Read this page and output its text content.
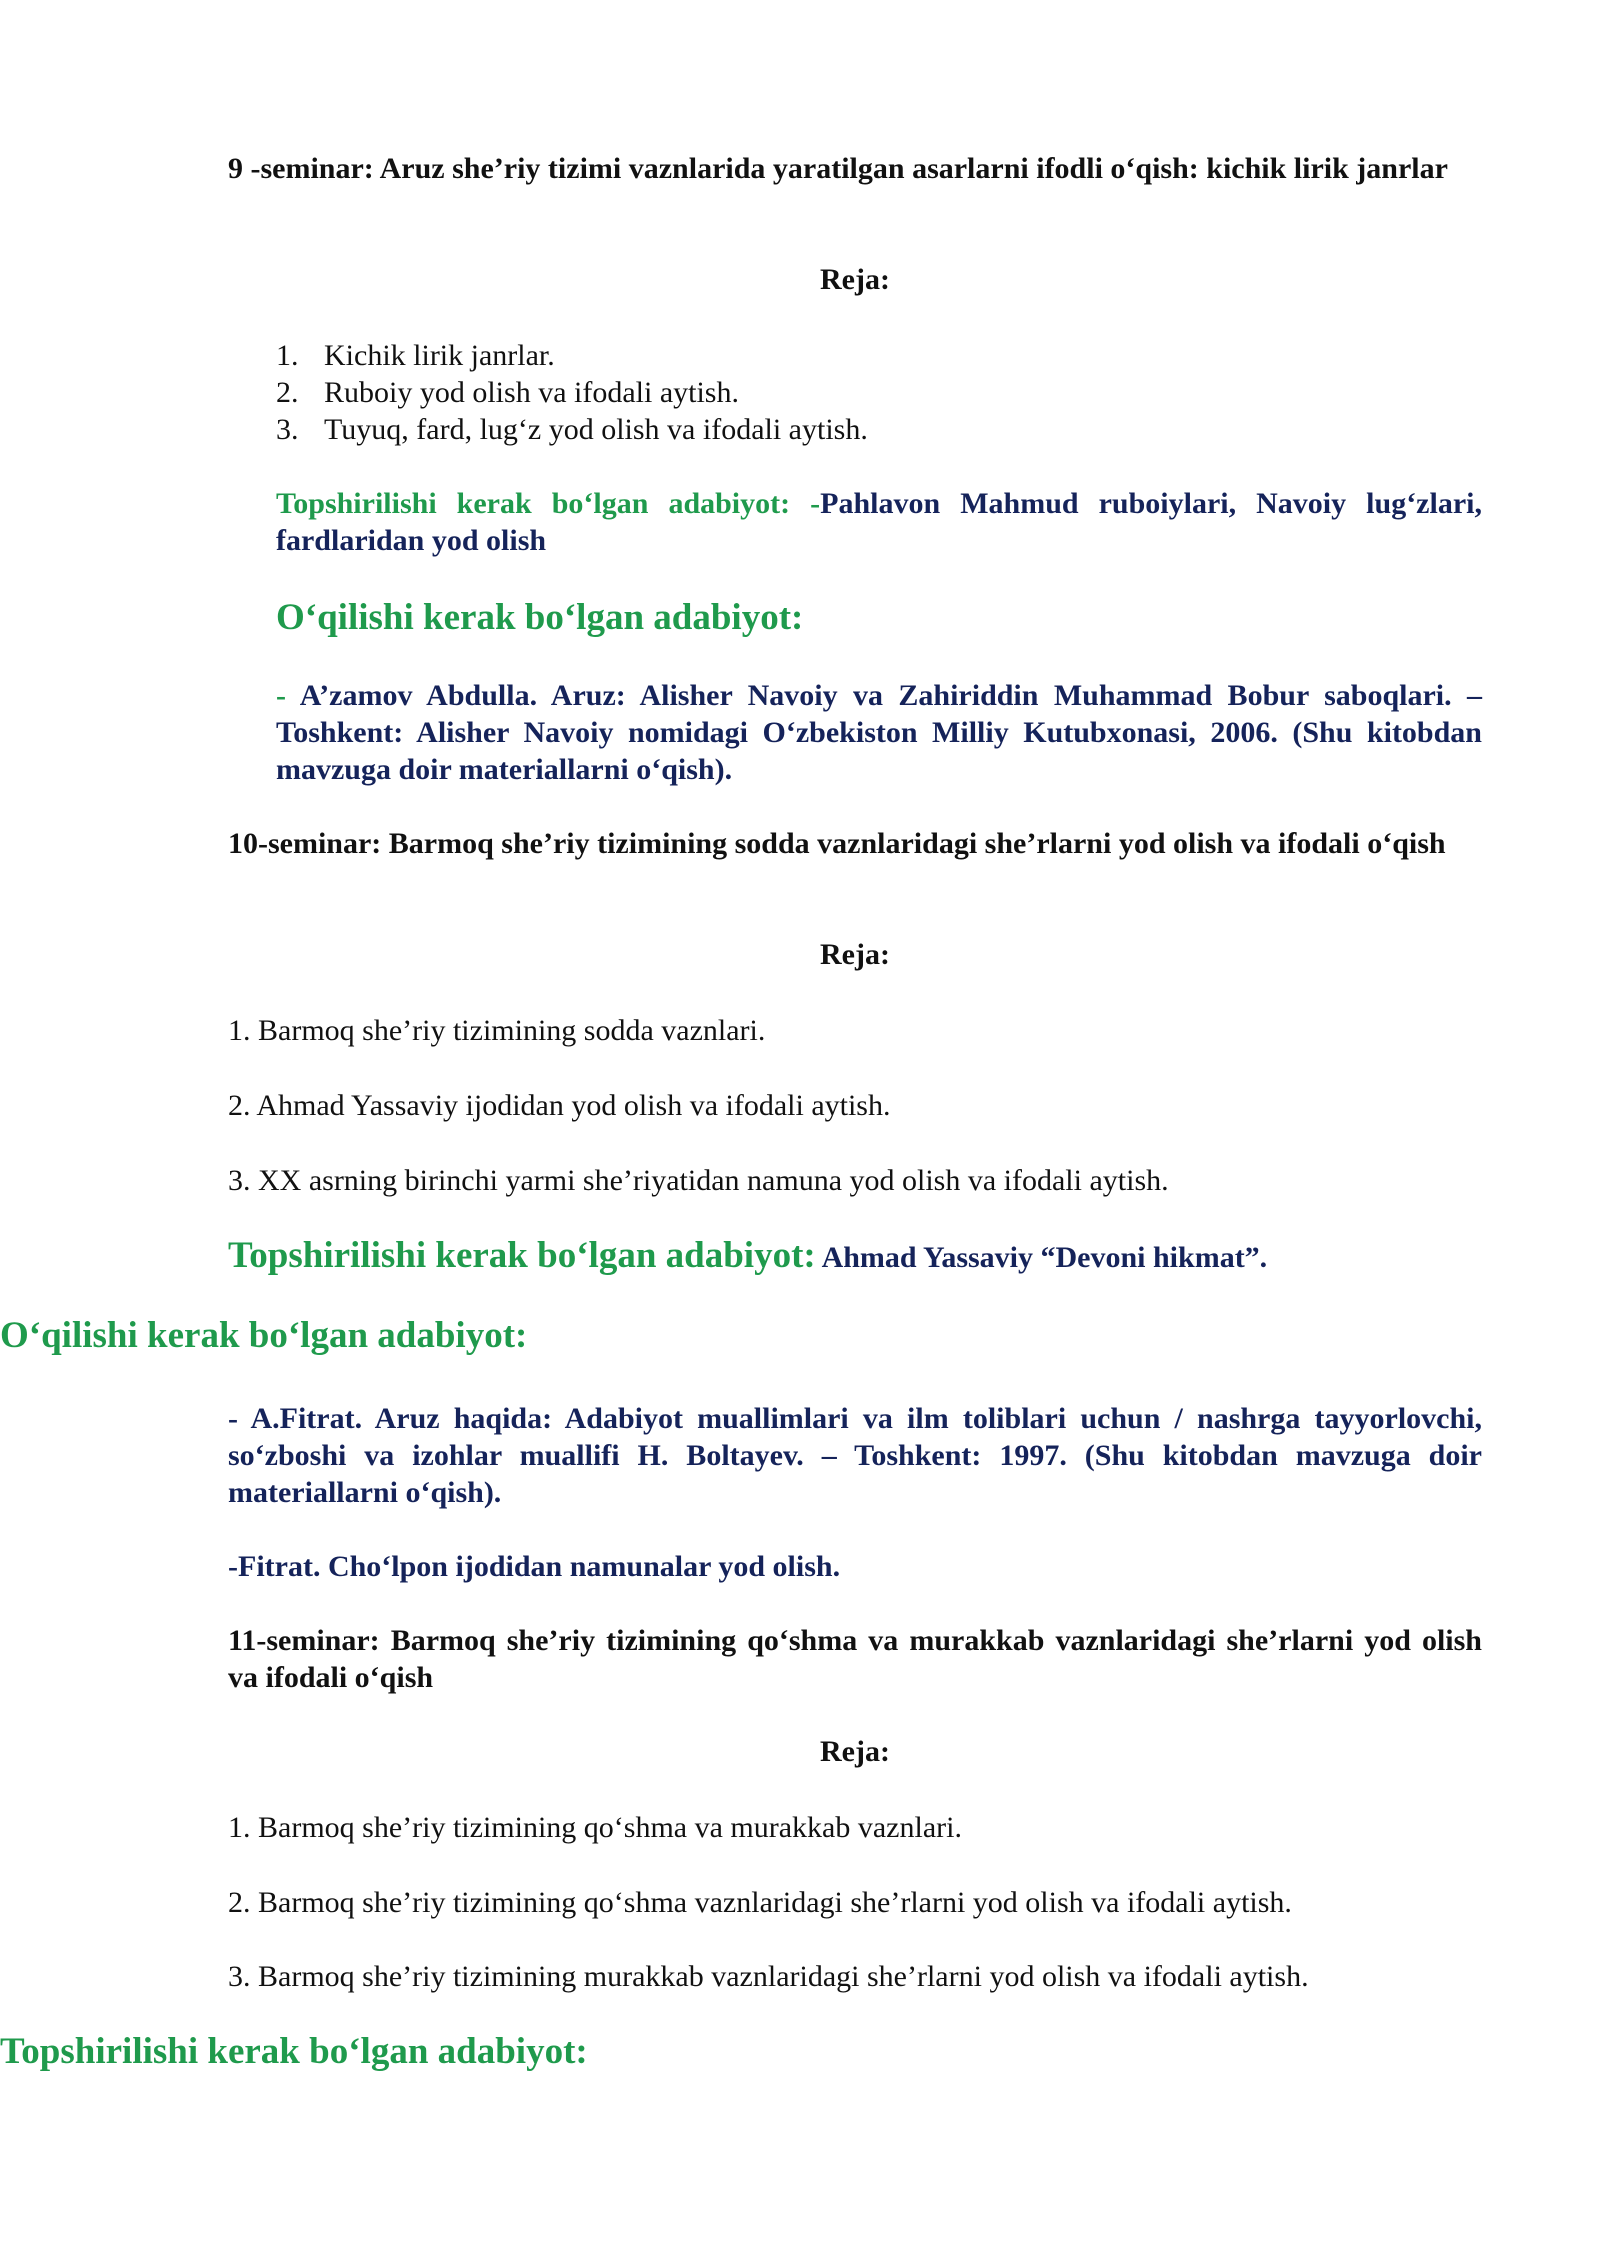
9 -seminar: Aruz she’riy tizimi vaznlarida yaratilgan asarlarni ifodli o‘qish: kichik lirik janrlar

Reja:

1. Kichik lirik janrlar.
2. Ruboiy yod olish va ifodali aytish.
3. Tuyuq, fard, lug‘z yod olish va ifodali aytish.

Topshirilishi kerak bo‘lgan adabiyot: -Pahlavon Mahmud ruboiylari, Navoiy lug‘zlari, fardlaridan yod olish

O‘qilishi kerak bo‘lgan adabiyot:

- A’zamov Abdulla. Aruz: Alisher Navoiy va Zahiriddin Muhammad Bobur saboqlari. – Toshkent: Alisher Navoiy nomidagi O‘zbekiston Milliy Kutubxonasi, 2006. (Shu kitobdan mavzuga doir materiallarni o‘qish).

10-seminar: Barmoq she’riy tizimining sodda vaznlaridagi she’rlarni yod olish va ifodali o‘qish

Reja:

1. Barmoq she’riy tizimining sodda vaznlari.

2. Ahmad Yassaviy ijodidan yod olish va ifodali aytish.

3. XX asrning birinchi yarmi she’riyatidan namuna yod olish va ifodali aytish.

Topshirilishi kerak bo‘lgan adabiyot: Ahmad Yassaviy “Devoni hikmat”.

O‘qilishi kerak bo‘lgan adabiyot:

- A.Fitrat. Aruz haqida: Adabiyot muallimlari va ilm toliblari uchun / nashrga tayyorlovchi, so‘zboshi va izohlar muallifi H. Boltayev. – Toshkent: 1997. (Shu kitobdan mavzuga doir materiallarni o‘qish).

-Fitrat. Cho‘lpon ijodidan namunalar yod olish.

11-seminar: Barmoq she’riy tizimining qo‘shma va murakkab vaznlaridagi she’rlarni yod olish va ifodali o‘qish

Reja:

1. Barmoq she’riy tizimining qo‘shma va murakkab vaznlari.

2. Barmoq she’riy tizimining qo‘shma vaznlaridagi she’rlarni yod olish va ifodali aytish.

3. Barmoq she’riy tizimining murakkab vaznlaridagi she’rlarni yod olish va ifodali aytish.

Topshirilishi kerak bo‘lgan adabiyot:
